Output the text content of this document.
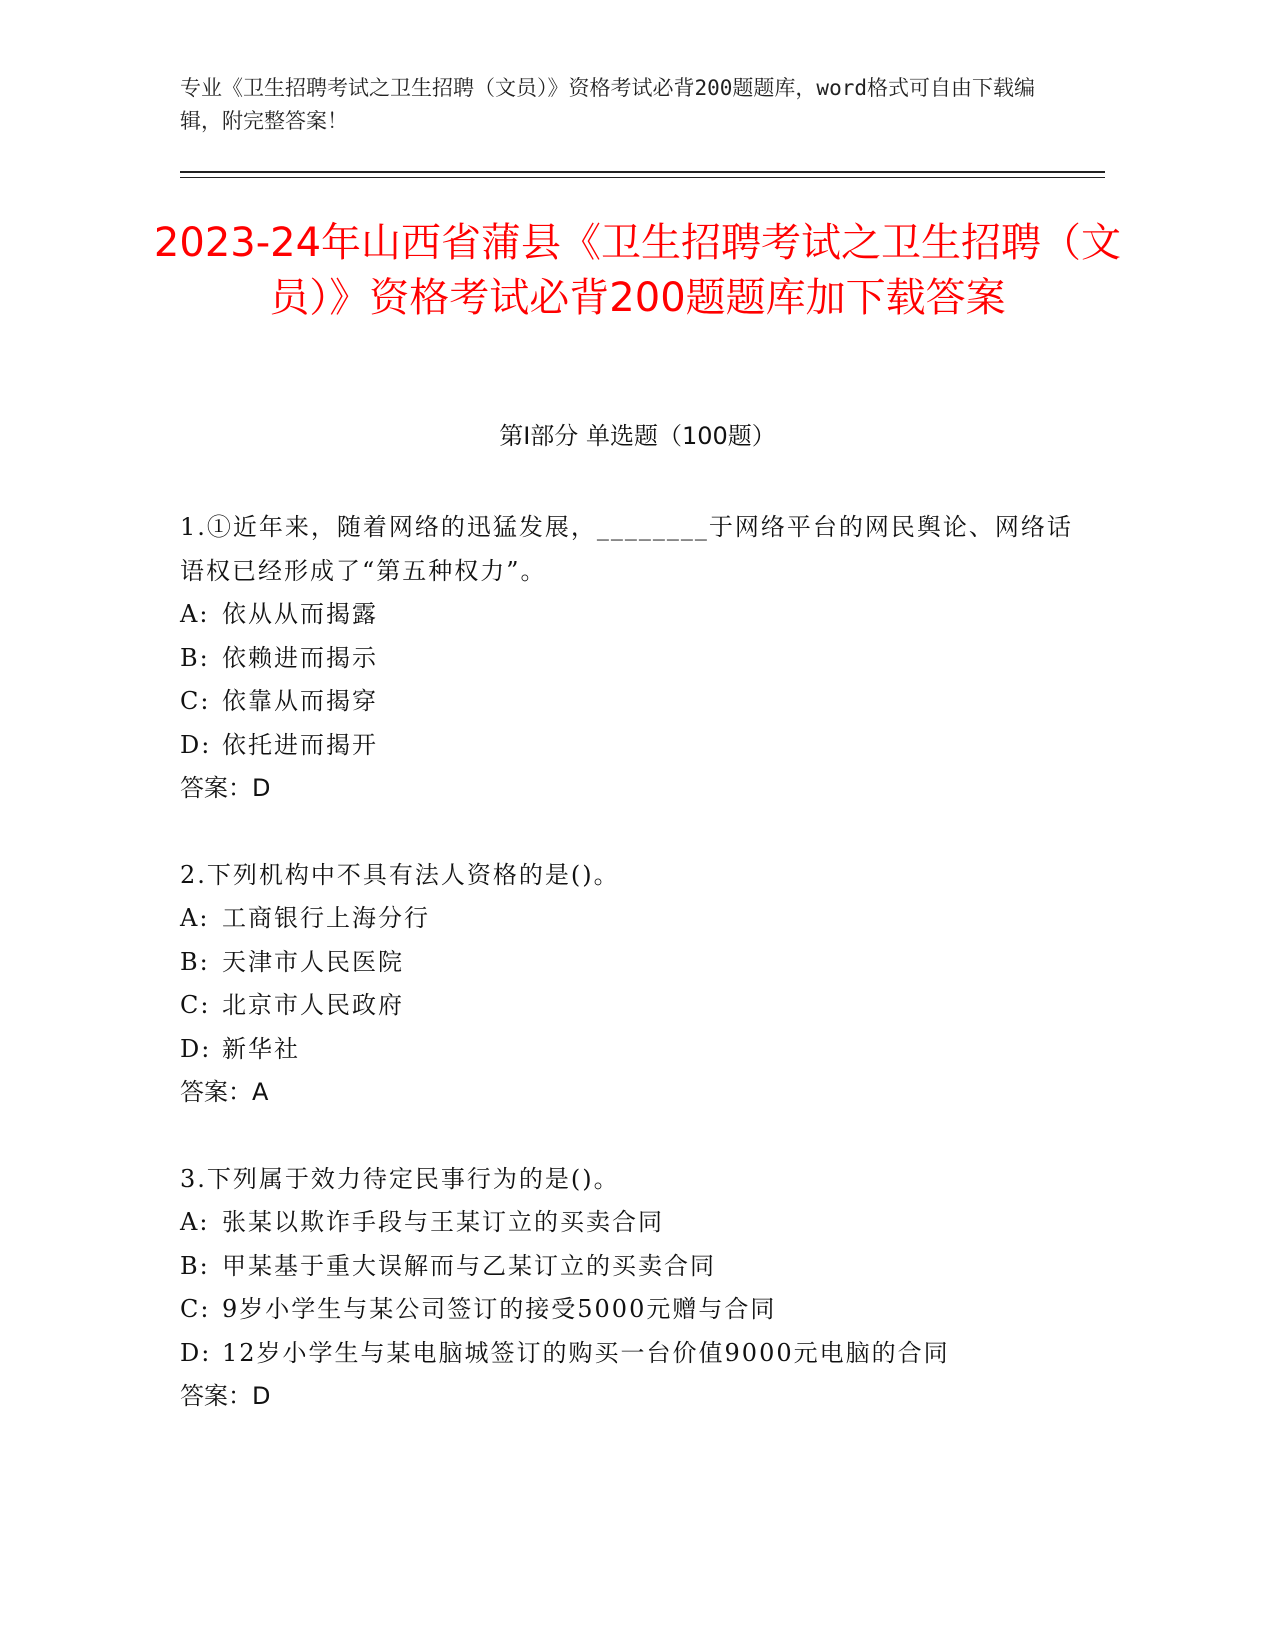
专业《卫生招聘考试之卫生招聘（文员）》资格考试必背200题题库，word格式可自由下载编辑，附完整答案！
2023-24年山西省蒲县《卫生招聘考试之卫生招聘（文员）》资格考试必背200题题库加下载答案
第Ⅰ部分 单选题（100题）

1.①近年来，随着网络的迅猛发展，________于网络平台的网民舆论、网络话语权已经形成了“第五种权力”。

A: 依从从而揭露

B: 依赖进而揭示

C: 依靠从而揭穿

D: 依托进而揭开

答案：D

2.下列机构中不具有法人资格的是()。

A: 工商银行上海分行

B: 天津市人民医院

C: 北京市人民政府

D: 新华社

答案：A

3.下列属于效力待定民事行为的是()。

A: 张某以欺诈手段与王某订立的买卖合同

B: 甲某基于重大误解而与乙某订立的买卖合同

C: 9岁小学生与某公司签订的接受5000元赠与合同

D: 12岁小学生与某电脑城签订的购买一台价值9000元电脑的合同

答案：D
